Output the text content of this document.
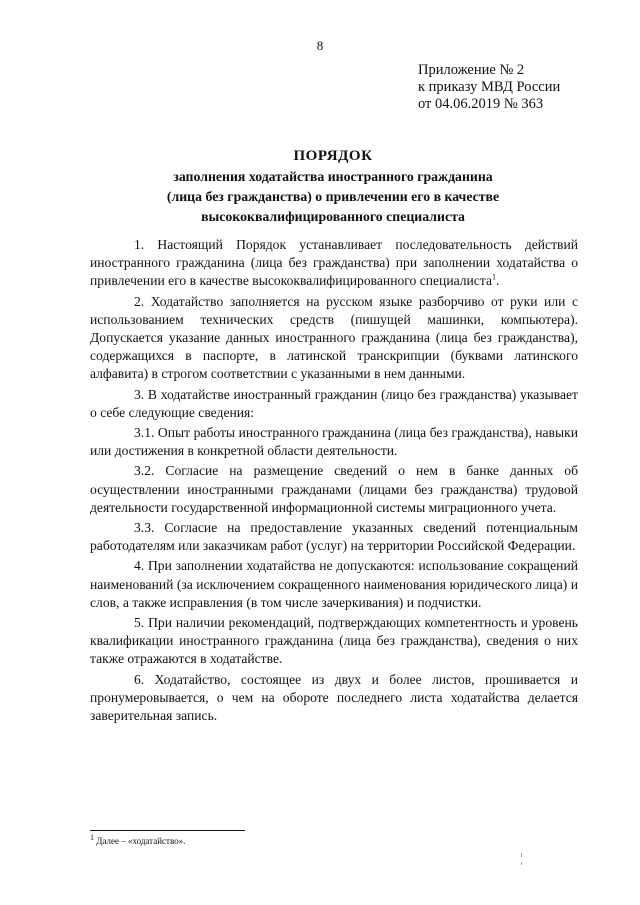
8
Приложение № 2
к приказу МВД России
от 04.06.2019 № 363
ПОРЯДОК
заполнения ходатайства иностранного гражданина
(лица без гражданства) о привлечении его в качестве
высококвалифицированного специалиста

1. Настоящий Порядок устанавливает последовательность действий иностранного гражданина (лица без гражданства) при заполнении ходатайства о привлечении его в качестве высококвалифицированного специалиста$^1$.

2. Ходатайство заполняется на русском языке разборчиво от руки или с использованием технических средств (пишущей машинки, компьютера). Допускается указание данных иностранного гражданина (лица без гражданства), содержащихся в паспорте, в латинской транскрипции (буквами латинского алфавита) в строгом соответствии с указанными в нем данными.

3. В ходатайстве иностранный гражданин (лицо без гражданства) указывает о себе следующие сведения:

3.1. Опыт работы иностранного гражданина (лица без гражданства), навыки или достижения в конкретной области деятельности.

3.2. Согласие на размещение сведений о нем в банке данных об осуществлении иностранными гражданами (лицами без гражданства) трудовой деятельности государственной информационной системы миграционного учета.

3.3. Согласие на предоставление указанных сведений потенциальным работодателям или заказчикам работ (услуг) на территории Российской Федерации.

4. При заполнении ходатайства не допускаются: использование сокращений наименований (за исключением сокращенного наименования юридического лица) и слов, а также исправления (в том числе зачеркивания) и подчистки.

5. При наличии рекомендаций, подтверждающих компетентность и уровень квалификации иностранного гражданина (лица без гражданства), сведения о них также отражаются в ходатайстве.

6. Ходатайство, состоящее из двух и более листов, прошивается и пронумеровывается, о чем на обороте последнего листа ходатайства делается заверительная запись.

$^1$ Далее – «ходатайство».
